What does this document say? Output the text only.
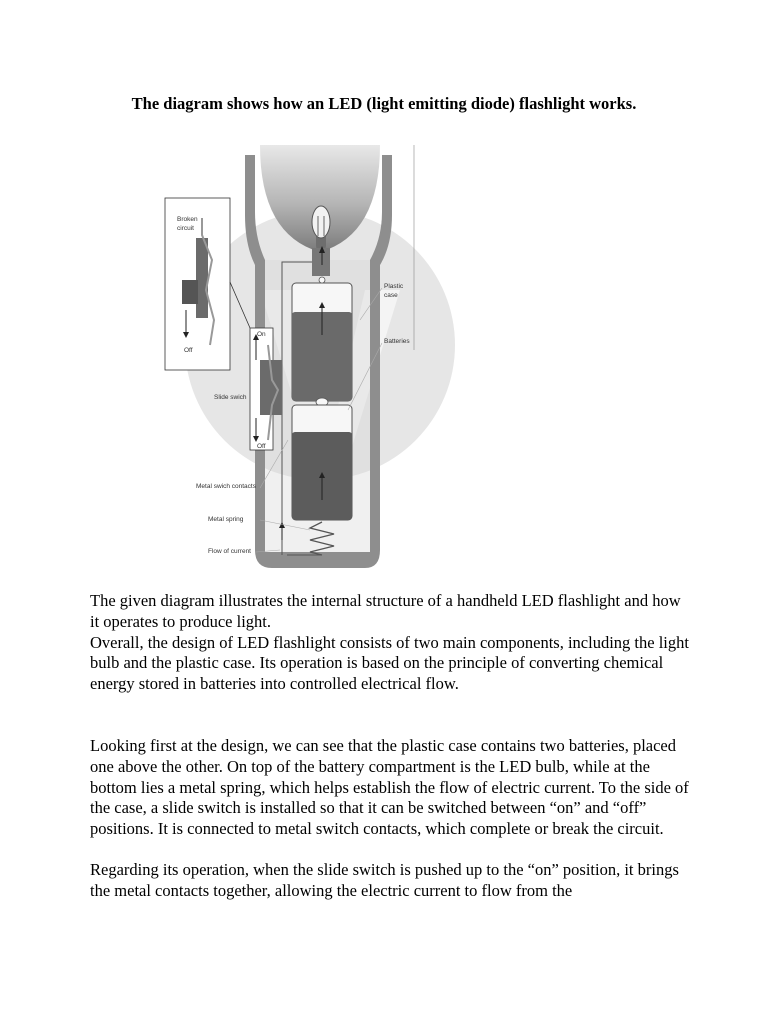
The diagram shows how an LED (light emitting diode) flashlight works.
Broken
circuit
Off
On
Off
Slide swich
Plastic
case
Batteries
Metal swich contacts
Metal spring
Flow of current

The given diagram illustrates the internal structure of a handheld LED flashlight and how it operates to produce light.

Overall, the design of LED flashlight consists of two main components, including the light bulb and the plastic case. Its operation is based on the principle of converting chemical energy stored in batteries into controlled electrical flow.

Looking first at the design, we can see that the plastic case contains two batteries, placed one above the other. On top of the battery compartment is the LED bulb, while at the bottom lies a metal spring, which helps establish the flow of electric current. To the side of the case, a slide switch is installed so that it can be switched between “on” and “off” positions. It is connected to metal switch contacts, which complete or break the circuit.

Regarding its operation, when the slide switch is pushed up to the “on” position, it brings the metal contacts together, allowing the electric current to flow from the
